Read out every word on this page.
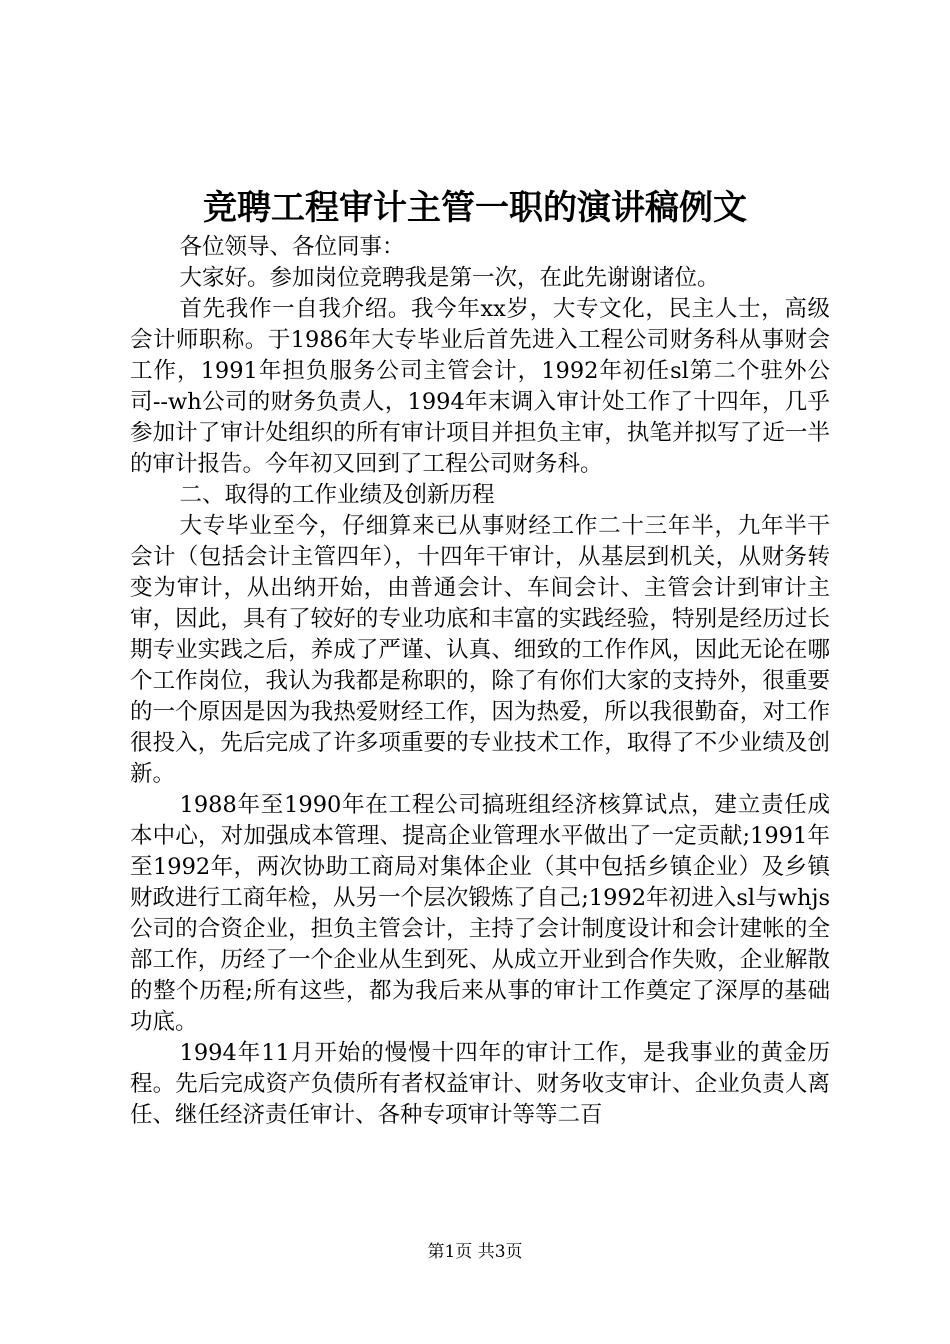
竞聘工程审计主管一职的演讲稿例文

各位领导、各位同事：

大家好。参加岗位竞聘我是第一次，在此先谢谢诸位。

首先我作一自我介绍。我今年xx岁，大专文化，民主人士，高级会计师职称。于1986年大专毕业后首先进入工程公司财务科从事财会工作，1991年担负服务公司主管会计，1992年初任sl第二个驻外公司--wh公司的财务负责人，1994年末调入审计处工作了十四年，几乎参加计了审计处组织的所有审计项目并担负主审，执笔并拟写了近一半的审计报告。今年初又回到了工程公司财务科。

二、取得的工作业绩及创新历程

大专毕业至今，仔细算来已从事财经工作二十三年半，九年半干会计（包括会计主管四年），十四年干审计，从基层到机关，从财务转变为审计，从出纳开始，由普通会计、车间会计、主管会计到审计主审，因此，具有了较好的专业功底和丰富的实践经验，特别是经历过长期专业实践之后，养成了严谨、认真、细致的工作作风，因此无论在哪个工作岗位，我认为我都是称职的，除了有你们大家的支持外，很重要的一个原因是因为我热爱财经工作，因为热爱，所以我很勤奋，对工作很投入，先后完成了许多项重要的专业技术工作，取得了不少业绩及创新。

1988年至1990年在工程公司搞班组经济核算试点，建立责任成本中心，对加强成本管理、提高企业管理水平做出了一定贡献;1991年至1992年，两次协助工商局对集体企业（其中包括乡镇企业）及乡镇财政进行工商年检，从另一个层次锻炼了自己;1992年初进入sl与whjs公司的合资企业，担负主管会计，主持了会计制度设计和会计建帐的全部工作，历经了一个企业从生到死、从成立开业到合作失败，企业解散的整个历程;所有这些，都为我后来从事的审计工作奠定了深厚的基础功底。

1994年11月开始的慢慢十四年的审计工作，是我事业的黄金历程。先后完成资产负债所有者权益审计、财务收支审计、企业负责人离任、继任经济责任审计、各种专项审计等等二百

第1页 共3页
